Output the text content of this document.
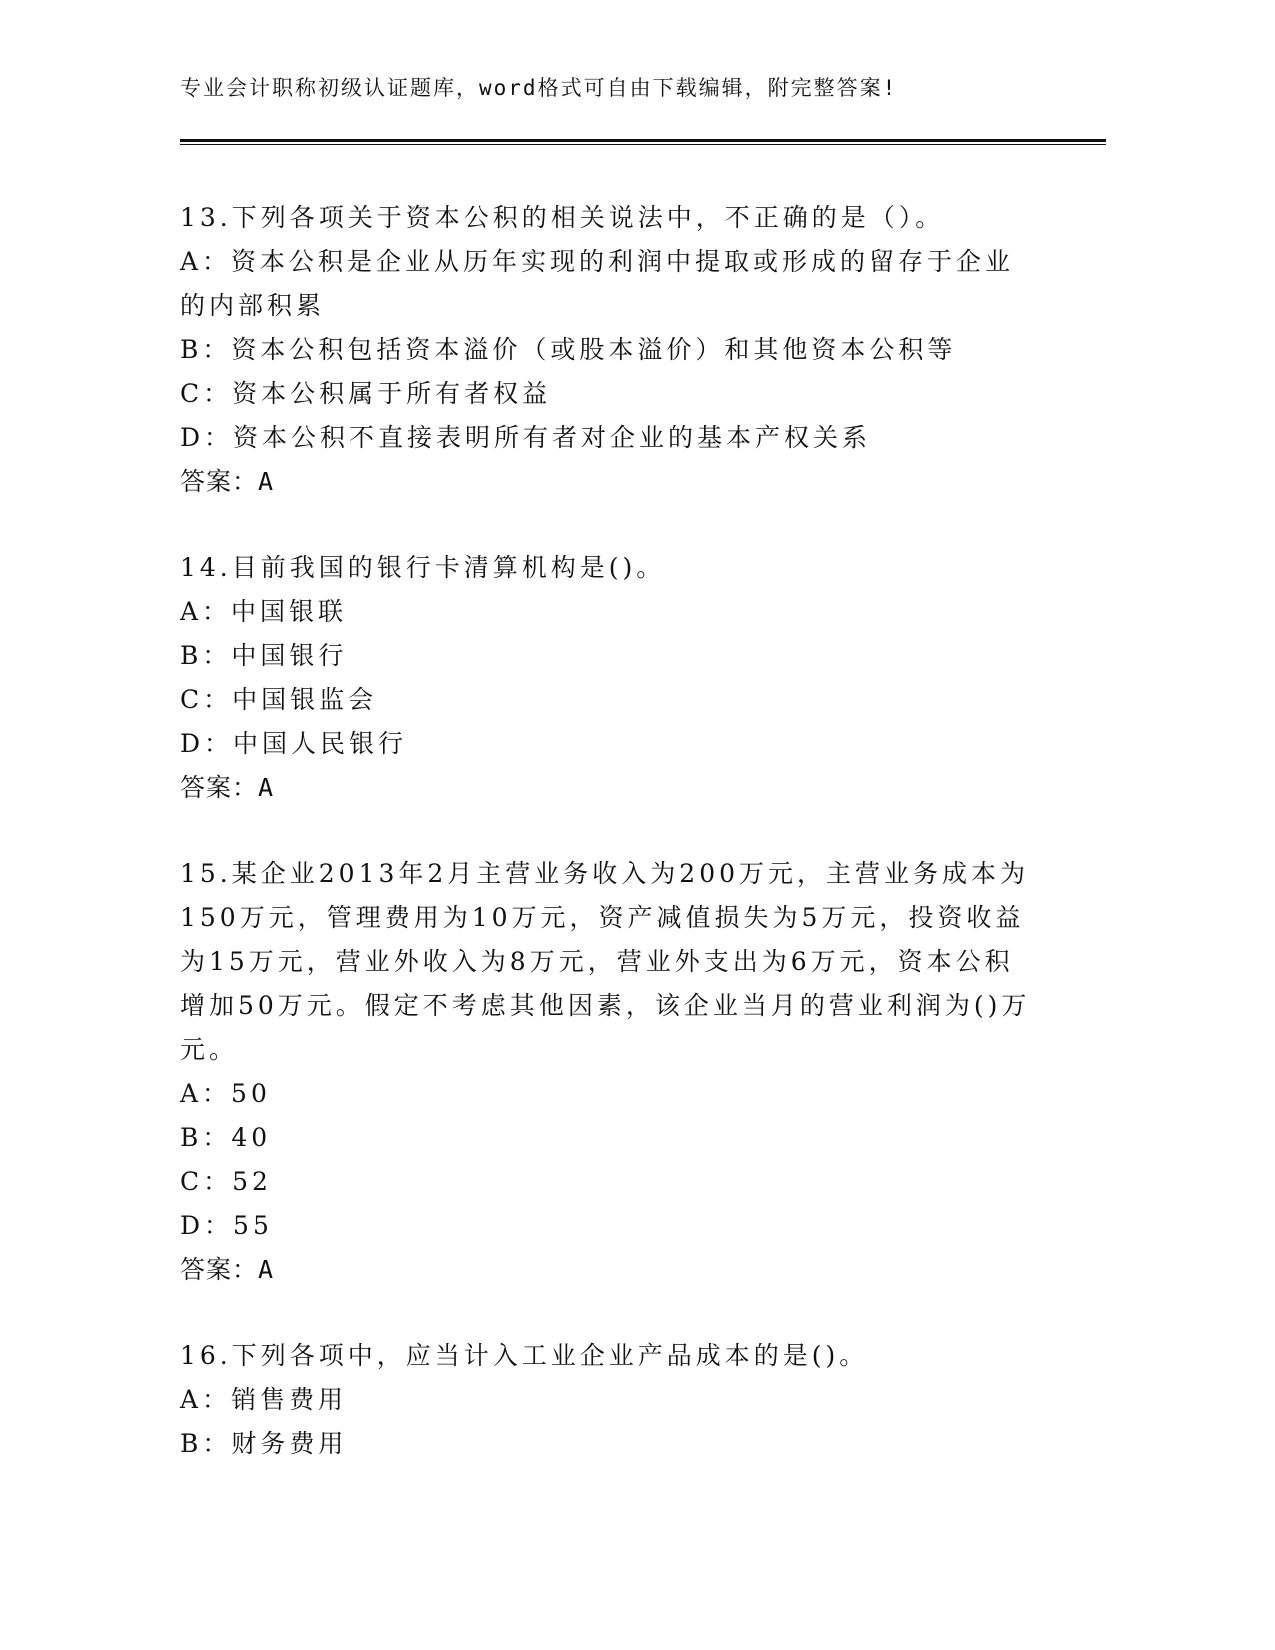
专业会计职称初级认证题库，word格式可自由下载编辑，附完整答案!
13.下列各项关于资本公积的相关说法中，不正确的是（）。
A：资本公积是企业从历年实现的利润中提取或形成的留存于企业的内部积累
B：资本公积包括资本溢价（或股本溢价）和其他资本公积等
C：资本公积属于所有者权益
D：资本公积不直接表明所有者对企业的基本产权关系
答案：A
14.目前我国的银行卡清算机构是()。
A：中国银联
B：中国银行
C：中国银监会
D：中国人民银行
答案：A
15.某企业2013年2月主营业务收入为200万元，主营业务成本为150万元，管理费用为10万元，资产减值损失为5万元，投资收益为15万元，营业外收入为8万元，营业外支出为6万元，资本公积增加50万元。假定不考虑其他因素，该企业当月的营业利润为()万元。
A：50
B：40
C：52
D：55
答案：A
16.下列各项中，应当计入工业企业产品成本的是()。
A：销售费用
B：财务费用
